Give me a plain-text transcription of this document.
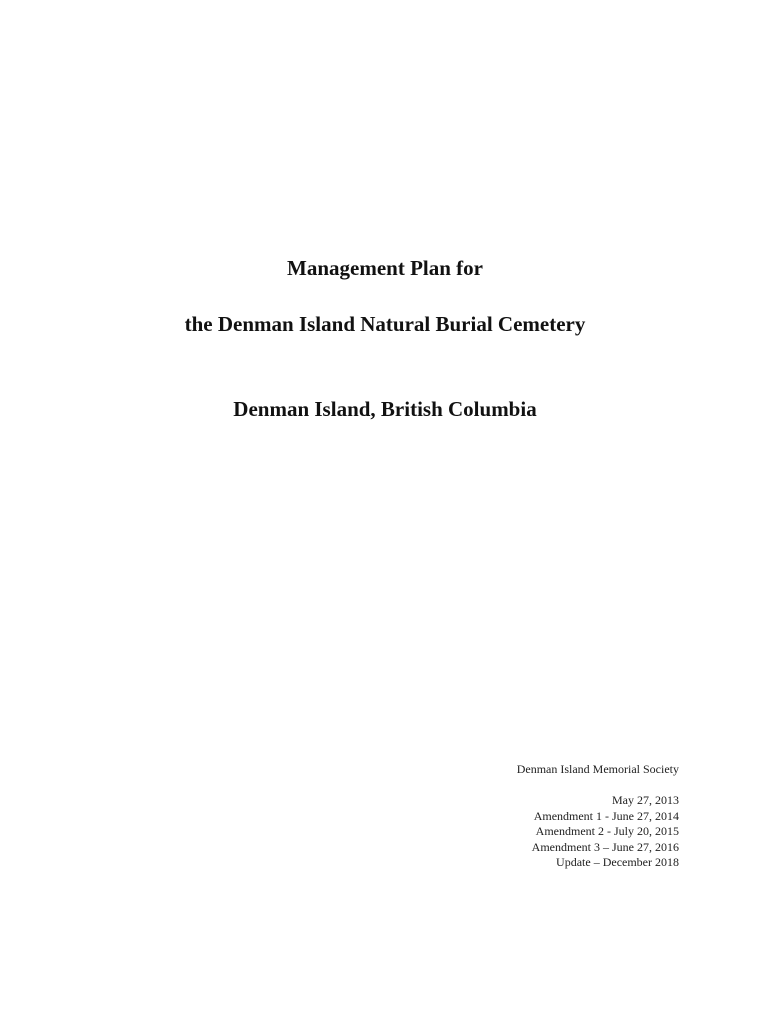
Management Plan for
the Denman Island Natural Burial Cemetery
Denman Island, British Columbia
Denman Island Memorial Society
May 27, 2013
Amendment 1 - June 27, 2014
Amendment 2 - July 20, 2015
Amendment 3 – June 27, 2016
Update – December 2018
